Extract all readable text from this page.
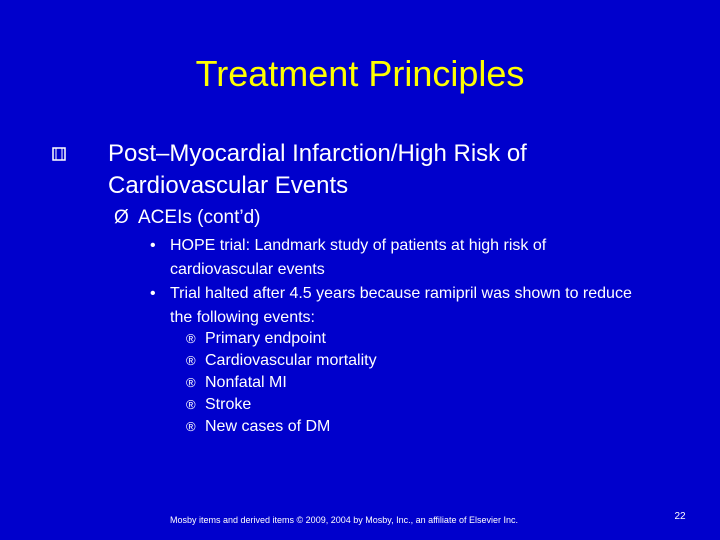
Treatment Principles
Post–Myocardial Infarction/High Risk of Cardiovascular Events
Ø ACEIs (cont’d)
• HOPE trial: Landmark study of patients at high risk of cardiovascular events
• Trial halted after 4.5 years because ramipril was shown to reduce the following events:
® Primary endpoint
® Cardiovascular mortality
® Nonfatal MI
® Stroke
® New cases of DM
Mosby items and derived items © 2009, 2004 by Mosby, Inc., an affiliate of Elsevier Inc.	22
